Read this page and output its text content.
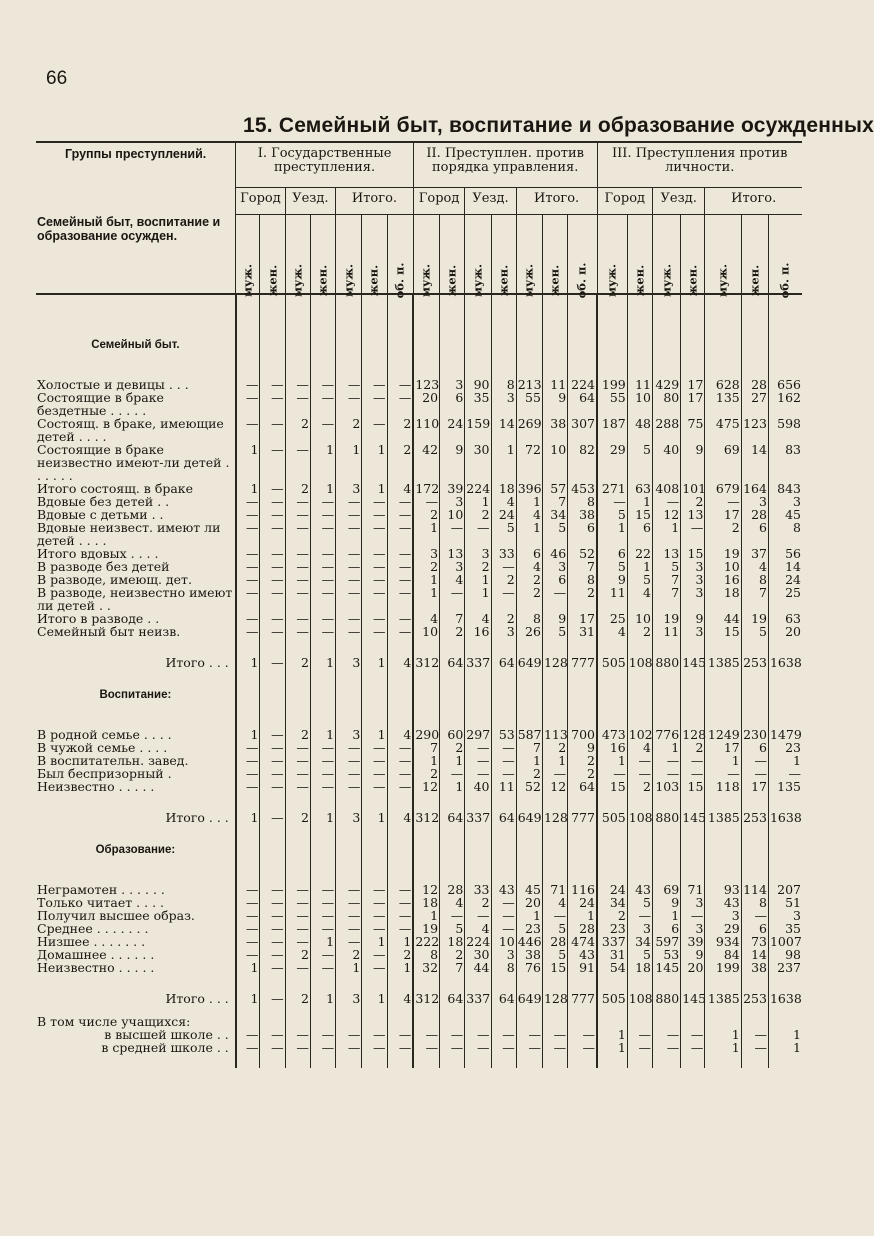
66
15. Семейный быт, воспитание и образование осужденных
Группы преступлений.	I. Государственные преступления.							II. Преступлен. против порядка управления.							III. Преступления против личности.						
	Город		Уезд.		Итого.			Город		Уезд.		Итого.			Город		Уезд.		Итого.		
Семейный быт, воспитание и образование осужден.	муж.	жен.	муж.	жен.	муж.	жен.	об. п.	муж.	жен.	муж.	жен.	муж.	жен.	об. п.	муж.	жен.	муж.	жен.	муж.	жен.	об. п.

Семейный быт.																					

Холостые и девицы . . .	—	—	—	—	—	—	—	123	3	90	8	213	11	224	199	11	429	17	628	28	656
Состоящие в браке бездетные . . . . .	—	—	—	—	—	—	—	20	6	35	3	55	9	64	55	10	80	17	135	27	162
Состоящ. в браке, имеющие детей . . . .	—	—	2	—	2	—	2	110	24	159	14	269	38	307	187	48	288	75	475	123	598
Состоящие в браке неизвестно имеют-ли детей . . . . . .	1	—	—	1	1	1	2	42	9	30	1	72	10	82	29	5	40	9	69	14	83
Итого состоящ. в браке	1	—	2	1	3	1	4	172	39	224	18	396	57	453	271	63	408	101	679	164	843
Вдовые без детей . .	—	—	—	—	—	—	—	—	3	1	4	1	7	8	—	1	—	2	—	3	3
Вдовые с детьми . .	—	—	—	—	—	—	—	2	10	2	24	4	34	38	5	15	12	13	17	28	45
Вдовые неизвест. имеют ли детей . . . .	—	—	—	—	—	—	—	1	—	—	5	1	5	6	1	6	1	—	2	6	8
Итого вдовых . . . .	—	—	—	—	—	—	—	3	13	3	33	6	46	52	6	22	13	15	19	37	56
В разводе без детей	—	—	—	—	—	—	—	2	3	2	—	4	3	7	5	1	5	3	10	4	14
В разводе, имеющ. дет.	—	—	—	—	—	—	—	1	4	1	2	2	6	8	9	5	7	3	16	8	24
В разводе, неизвестно имеют ли детей . .	—	—	—	—	—	—	—	1	—	1	—	2	—	2	11	4	7	3	18	7	25
Итого в разводе . .	—	—	—	—	—	—	—	4	7	4	2	8	9	17	25	10	19	9	44	19	63
Семейный быт неизв.	—	—	—	—	—	—	—	10	2	16	3	26	5	31	4	2	11	3	15	5	20

Итого . . .	1	—	2	1	3	1	4	312	64	337	64	649	128	777	505	108	880	145	1385	253	1638

Воспитание:																					

В родной семье . . . .	1	—	2	1	3	1	4	290	60	297	53	587	113	700	473	102	776	128	1249	230	1479
В чужой семье . . . .	—	—	—	—	—	—	—	7	2	—	—	7	2	9	16	4	1	2	17	6	23
В воспитательн. завед.	—	—	—	—	—	—	—	1	1	—	—	1	1	2	1	—	—	—	1	—	1
Был беспризорный .	—	—	—	—	—	—	—	2	—	—	—	2	—	2	—	—	—	—	—	—	—
Неизвестно . . . . .	—	—	—	—	—	—	—	12	1	40	11	52	12	64	15	2	103	15	118	17	135

Итого . . .	1	—	2	1	3	1	4	312	64	337	64	649	128	777	505	108	880	145	1385	253	1638

Образование:																					

Неграмотен . . . . . .	—	—	—	—	—	—	—	12	28	33	43	45	71	116	24	43	69	71	93	114	207
Только читает . . . .	—	—	—	—	—	—	—	18	4	2	—	20	4	24	34	5	9	3	43	8	51
Получил высшее образ.	—	—	—	—	—	—	—	1	—	—	—	1	—	1	2	—	1	—	3	—	3
Среднее . . . . . . .	—	—	—	—	—	—	—	19	5	4	—	23	5	28	23	3	6	3	29	6	35
Низшее . . . . . . .	—	—	—	1	—	1	1	222	18	224	10	446	28	474	337	34	597	39	934	73	1007
Домашнее . . . . . .	—	—	2	—	2	—	2	8	2	30	3	38	5	43	31	5	53	9	84	14	98
Неизвестно . . . . .	1	—	—	—	1	—	1	32	7	44	8	76	15	91	54	18	145	20	199	38	237

Итого . . .	1	—	2	1	3	1	4	312	64	337	64	649	128	777	505	108	880	145	1385	253	1638

В том числе учащихся:																					
в высшей школе . .	—	—	—	—	—	—	—	—	—	—	—	—	—	—	1	—	—	—	1	—	1
в средней школе . .	—	—	—	—	—	—	—	—	—	—	—	—	—	—	1	—	—	—	1	—	1
